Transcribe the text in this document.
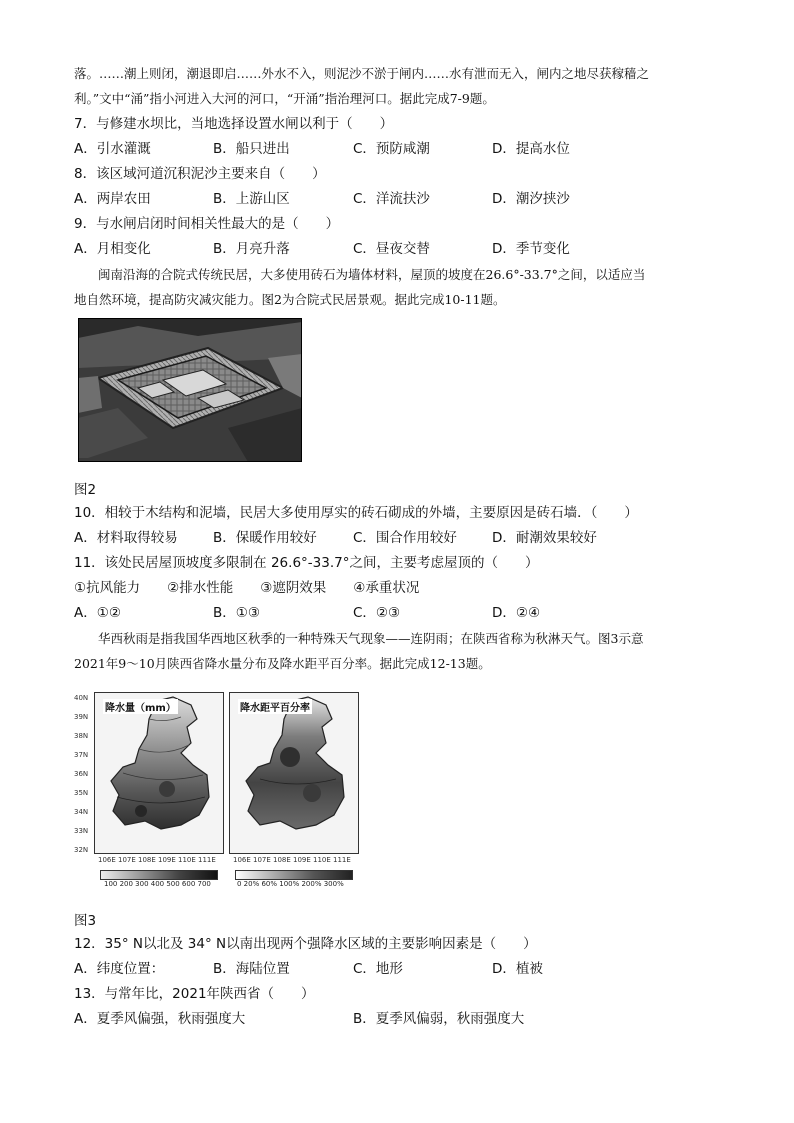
落。……潮上则闭，潮退即启……外水不入，则泥沙不淤于闸内……水有泄而无入，闸内之地尽获稼穑之
利。”文中“涌”指小河进入大河的河口，“开涌”指治理河口。据此完成7-9题。
7．与修建水坝比，当地选择设置水闸以利于（　　）
A．引水灌溉	B．船只进出	C．预防咸潮	D．提高水位
8．该区域河道沉积泥沙主要来自（　　）
A．两岸农田	B．上游山区	C．洋流扶沙	D．潮汐挟沙
9．与水闸启闭时间相关性最大的是（　　）
A．月相变化	B．月亮升落	C．昼夜交替	D．季节变化
闽南沿海的合院式传统民居，大多使用砖石为墙体材料，屋顶的坡度在26.6°-33.7°之间，以适应当
地自然环境，提高防灾减灾能力。图2为合院式民居景观。据此完成10-11题。
图2
10．相较于木结构和泥墙，民居大多使用厚实的砖石砌成的外墙，主要原因是砖石墙．（　　）
A．材料取得较易	B．保暖作用较好	C．围合作用较好	D．耐潮效果较好
11．该处民居屋顶坡度多限制在 26.6°-33.7°之间，主要考虑屋顶的（　　）
①抗风能力　　②排水性能　　③遮阴效果　　④承重状况
A．①②	B．①③	C．②③	D．②④
华西秋雨是指我国华西地区秋季的一种特殊天气现象——连阴雨；在陕西省称为秋淋天气。图3示意
2021年9～10月陕西省降水量分布及降水距平百分率。据此完成12-13题。
降水量（mm）	降水距平百分率
40N
39N
38N
37N
36N
35N
34N
33N
32N
106E 107E 108E 109E 110E 111E 106E 107E 108E 109E 110E 111E
100 200 300 400 500 600 700	0 20% 60% 100% 200% 300%
图3
12．35° N以北及 34° N以南出现两个强降水区域的主要影响因素是（　　）
A．纬度位置：	B．海陆位置	C．地形	D．植被
13．与常年比，2021年陕西省（　　）
A．夏季风偏强，秋雨强度大	B．夏季风偏弱，秋雨强度大
